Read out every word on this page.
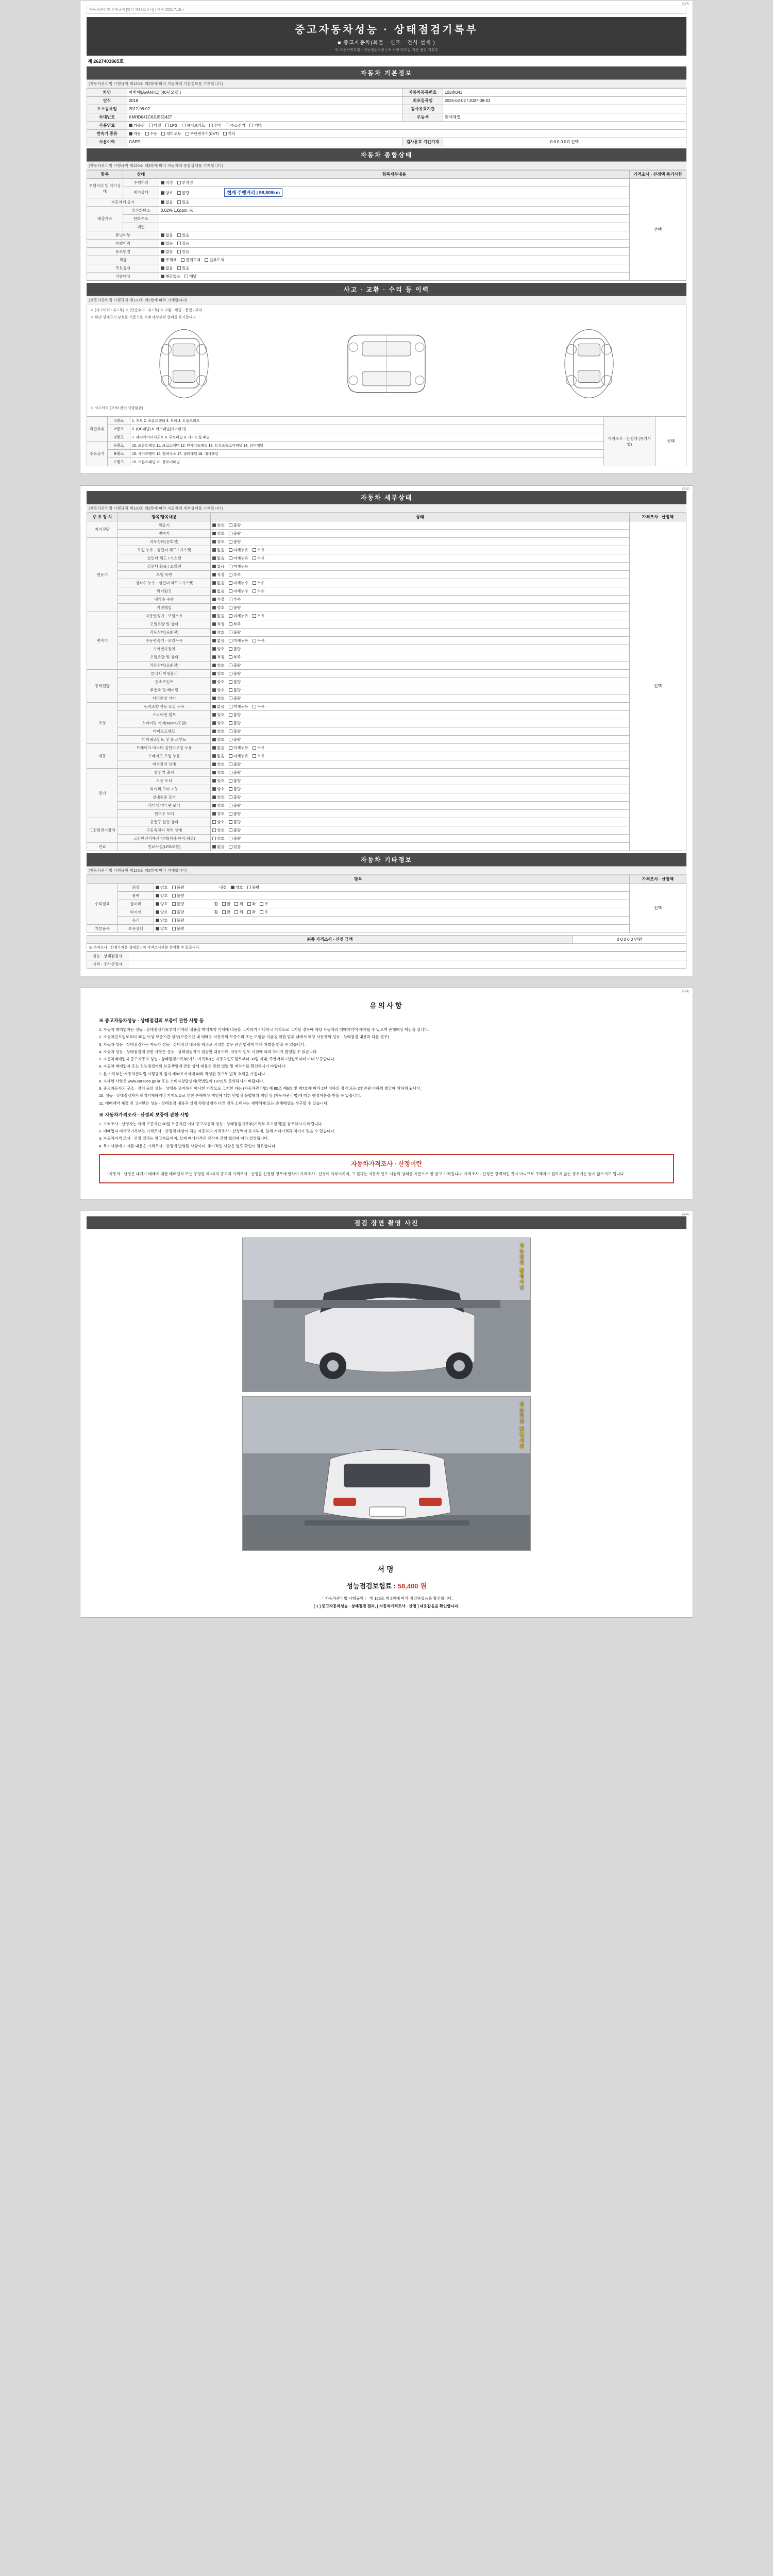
(1/4)
자동차관리법 시행규칙 [별지 제82호서식] <개정 2021.7.15.>
중고자동차성능 · 상태점검기록부
■ 중고자동차(화물 · 신조 · 건식 선재 )
※ 자동차인도일 ( 성능점검자용 ) ※ 차량 인도일 기준 점검 기록부
제 2627403865호
자동차 기본정보
(자동차관리법 시행규칙 제120조 제2항에 따라 자동차의 기본정보를 기재합니다)
차명	아반떼(AVANTE) (40년모델 )	자동차등록번호	103초043
연식	2018	최초등록일	2025-02-02 / 2027-08-01
초소등록일	2017-08-02	검사유효기간	
차대번호	KMHD041C6JU551427	주동색	흰색계열
사용연료	가솔린 디젤 LPG 하이브리드 전기 수소전기 기타		
변속기 종류	자동 수동 세미오토 무단변속기(CVT) 기타		
사용이력	GAPD	검사유효 기간기재	0 0 0 0 0 0 선택
자동차 종합상태
(자동차관리법 시행규칙 제120조 제2항에 따라 자동차의 종합상태를 기재합니다)
항목	상태	항목세부내용	가격조사 · 산정액 특기사항
주행거리 및 계기상태	주행거리	적정 부적정	선택
	계기상태	양호 불량 현재 주행거리 | 98,809km	
자동차세 등기		없음 있음	
배출가스	일산화탄소	0.02% 1.0ppm. %	
	탄화수소		
	매연		
튜닝여부		없음 있음	
특별이력		없음 있음	
용도변경		없음 있음	
색상		무채색 전체도색 일부도색	
주요옵션		없음 있음	
리콜대상		해당없음 해당	
사고 · 교환 · 수리 등 이력
(자동차관리법 시행규칙 제120조 제2항에 따라 기재합니다)
※ (사고이력 : 유 / 무) ※ (단순수리 : 유 / 무) ※ 교환 · 판금 · 용접 · 부식
※ 하단 상태표시 부호를 기준으로 기재 대상부위 상태를 표기합니다
※ 사고이력 (교차/ 관련 사항없음)
외판부위	1랭크	1. 후드 2. 프론트펜더 3. 도어 4. 트렁크리드	가격조사 · 산정액 (특기사항)	선택
	2랭크	5. (QC패널) 6. 쿼터패널(리어펜더)		
	3랭크	7. 라디에이터서포트 8. 루프패널 9. 사이드실 패널		
주요골격	A랭크	10. 프론트패널 11. 크로스멤버 12. 인사이드패널 13. 트렁크플로어패널 14. 리어패널		
	B랭크	15. 사이드멤버 16. 휠하우스 17. 필러패널 18. 대시패널		
	C랭크	19. 프론트패널 20. 플로어패널		
(2/4)
자동차 세부상태
(자동차관리법 시행규칙 제120조 제2항에 따라 자동차의 세부상태를 기재합니다)
주 요 장 치	항목/항목내용	상태	가격조사 · 산정액
자기진단	원동기	양호 불량	선택
	변속기	양호 불량	
원동기	작동상태(공회전)	양호 불량	
	오일 누유 - 실린더 헤드 / 가스켓	없음 미세누유 누유	
	실린더 헤드 / 가스켓	없음 미세누유 누유	
	실린더 블록 / 오일팬	없음 미세누유	
	오일 유량	적정 부족	
	냉각수 누수 - 실린더 헤드 / 가스켓	없음 미세누수 누수	
	워터펌프	없음 미세누수 누수	
	냉각수 수량	적정 부족	
	커먼레일	양호 불량	
변속기	자동변속기 - 오일누유	없음 미세누유 누유	
	오일유량 및 상태	적정 부족	
	작동상태(공회전)	양호 불량	
	수동변속기 - 오일누유	없음 미세누유 누유	
	기어변속장치	양호 불량	
	오일유량 및 상태	적정 부족	
	작동상태(공회전)	양호 불량	
동력전달	클러치 어셈블리	양호 불량	
	등속조인트	양호 불량	
	추진축 및 베어링	양호 불량	
	디퍼렌셜 기어	양호 불량	
조향	동력조향 작동 오일 누유	없음 미세누유 누유	
	스티어링 펌프	양호 불량	
	스티어링 기어(MDPS포함)	양호 불량	
	타이로드엔드	양호 불량	
	더어링조인트 및 볼 조인트	양호 불량	
제동	브레이크 마스터 실린더오일 누유	없음 미세누유 누유	
	브레이크 오일 누유	없음 미세누유 누유	
	배력장치 상태	양호 불량	
전기	발전기 출력	양호 불량	
	시동 모터	양호 불량	
	와이퍼 모터 기능	양호 불량	
	실내송풍 모터	양호 불량	
	라디에이터 팬 모터	양호 불량	
	윈도우 모터	양호 불량	
고전원전기장치	충전구 절연 상태	양호 불량	
	구동축전지 격리 상태	양호 불량	
	고전원전기배선 상태(피복,높이,체결)	양호 불량	
연료	연료누설(LPG포함)	없음 있음	
자동차 기타정보
(자동차관리법 시행규칙 제120조 제2항에 따라 기재합니다)
항목			가격조사 · 산정액
수리필요	외장	양호 불량 내장 양호 불량	선택
	광택	양호 불량	
	룸미러	양호 불량 휠 앞 뒤 좌 우	
	타이어	양호 불량 휠 앞 뒤 좌 우	
	유리	양호 불량	
기본품목	보유상태	양호 불량	
최종 가격조사 · 산정 금액	0 0 0 0 0 만원
※ 가격조사 · 산정가격은 실제중고차 가격조사부분 상이할 수 있습니다.
성능 · 상태점검자	
가격 · 조사산정자	
(3/4)
유의사항
※ 중고자동차성능 · 상태점검의 보증에 관한 사항 등

1. 자동차 매매업자는 성능 · 상태점검기록부에 기재된 내용을 매매계약 기재에 내용을 고지하기 아니하고 거짓으로 고지할 경우에 해당 자동차의 매매계약이 해제될 수 있으며 손해배상 책임을 집니다.

2. 자동차인도일로부터 30일 이상 보증기간 설정(보증기간 내 매매용 자동차의 보증수리 또는 보험금 지급을 위한 범위 내에서 해당 자동차의 성능 · 상태점검 내용과 다른 경우)

3. 자동차 성능 · 상태점검자는 자동차 성능 · 상태점검 내용을 허위로 작성한 경우 관련 법령에 따라 처벌을 받을 수 있습니다.

4. 자동차 성능 · 상태점검에 관한 사항은 성능 · 상태점검자가 점검한 내용이며, 자동차 인도 시점에 따라 차이가 발생할 수 있습니다.

5. 자동차매매업자 중고자동차 성능 · 상태점검기록부(이하 '기록부')는 자동차인도일로부터 30일 이내, 주행거리 2천킬로미터 이내 보증합니다.

6. 자동차 매매업자 또는 성능점검자의 보증책임에 관한 상세 내용은 관련 법령 및 계약서를 확인하시기 바랍니다.

7. 본 기록부는 자동차관리법 시행규칙 별지 제82호서식에 따라 작성된 것으로 법적 효력을 가집니다.

8. 자세한 사항은 www.cars365.go.kr 또는 소비자상담센터(국번없이 1372)로 문의하시기 바랍니다.

9. 중고자동차의 구조 · 장치 등의 성능 · 상태를 고지하지 아니한 거짓으로 고지한 자는 (자동차관리법) 제 80조 제6호 및 제7호에 따라 2년 이하의 징역 또는 2천만원 이하의 벌금에 처하게 됩니다.

10. 성능 · 상태점검자가 허위기재하거나 기재오류로 인한 손해배상 책임에 대한 민법상 불법행위 책임 및 (자동차관리법)에 따른 행정처분을 받을 수 있습니다.

11. 매매계약 체결 전 고지받은 성능 · 상태점검 내용과 실제 차량상태가 다른 경우 소비자는 계약해제 또는 손해배상을 청구할 수 있습니다.

※ 자동차가격조사 · 산정의 보증에 관한 사항

1. 가격조사 · 산정자는 이에 보증기간 30일 보증기간 이내 중고자동차 성능 · 상태점검기록부(기록부 표기금액)를 참조하시기 바랍니다.

2. 매매업자 비사고기록부는 가격조사 · 산정의 대상이 되는 자동차의 가격조사 · 산정액이 표시되며, 실제 거래가격과 차이가 있을 수 있습니다.

3. 자동차가격 조사 · 산정 결과는 참고자료이며, 실제 매매가격은 당사자 간의 협의에 따라 결정됩니다.

4. 특기사항에 기재된 내용은 가격조사 · 산정에 반영된 사항이며, 추가적인 사항은 별도 확인이 필요합니다.

자동차가격조사 · 산정이란

「자동차 · 산정은 내가가 매매에 대한 매매업자 또는 공정한 제3자의 중고차 가격조사 · 산정을 신청한 경우에 한하여 가격조사 · 산정이 이루어지며, 그 결과는 자동차 인도 시점의 상태를 기준으로 한 참고 가격입니다. 가격조사 · 산정은 강제적인 것이 아니므로 구매자가 원하지 않는 경우에는 받지 않으셔도 됩니다.

(4/4)
점검 장면 촬영 사진
성능점검 촬영사진
성능점검 촬영사진
서명
성능점검보험료 : 58,400 원
「 자동차관리법 시행규칙 」 제 120조 제 2항에 따라 점검하였음을 확인합니다.
[ 1 ] 중고자동차성능 · 상태점검 결과, [ 자동차가격조사 · 산정 ] 내용같음을 확인합니다.
